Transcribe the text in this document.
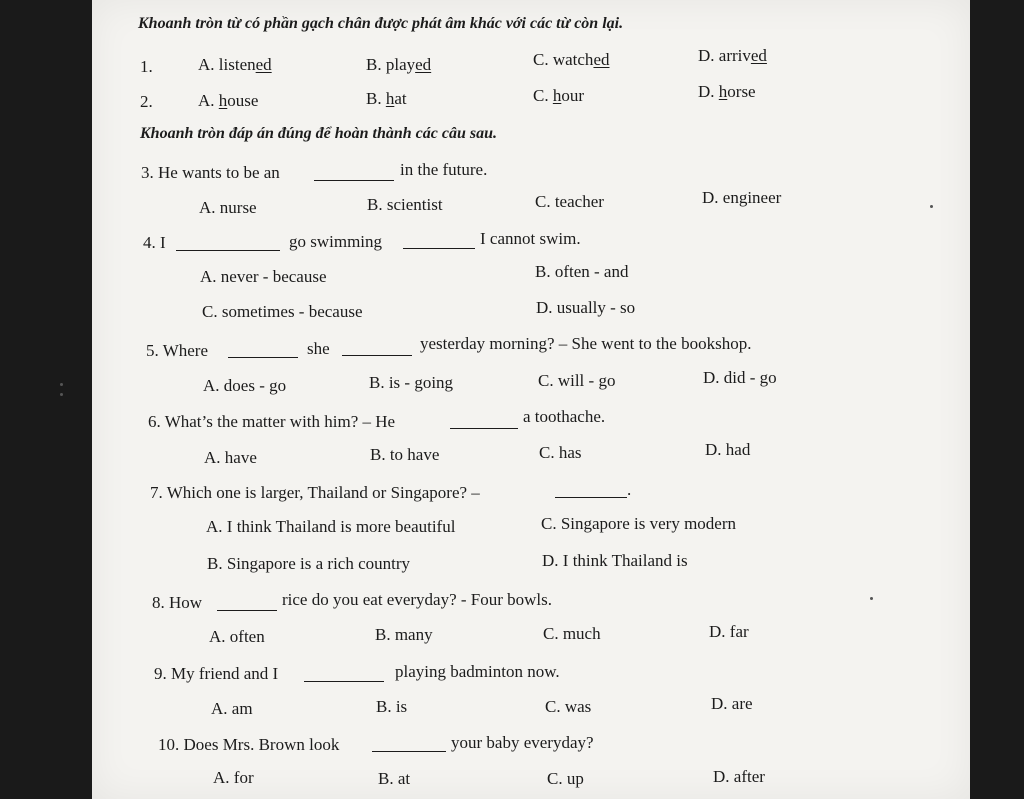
Khoanh tròn từ có phần gạch chân được phát âm khác với các từ còn lại.
1.	A. listened	B. played	C. watched	D. arrived
2.	A. house	B. hat	C. hour	D. horse
Khoanh tròn đáp án đúng để hoàn thành các câu sau.
3. He wants to be an	in the future.
A. nurse	B. scientist	C. teacher	D. engineer
4. I	go swimming	I cannot swim.
A. never - because	B. often - and
C. sometimes - because	D. usually - so
5. Where	she	yesterday morning? – She went to the bookshop.
A. does - go	B. is - going	C. will - go	D. did - go
6. What’s the matter with him? – He	a toothache.
A. have	B. to have	C. has	D. had
7. Which one is larger, Thailand or Singapore? –	.
A. I think Thailand is more beautiful	C. Singapore is very modern
B. Singapore is a rich country	D. I think Thailand is
8. How	rice do you eat everyday? - Four bowls.
A. often	B. many	C. much	D. far
9. My friend and I	playing badminton now.
A. am	B. is	C. was	D. are
10. Does Mrs. Brown look	your baby everyday?
A. for	B. at	C. up	D. after
